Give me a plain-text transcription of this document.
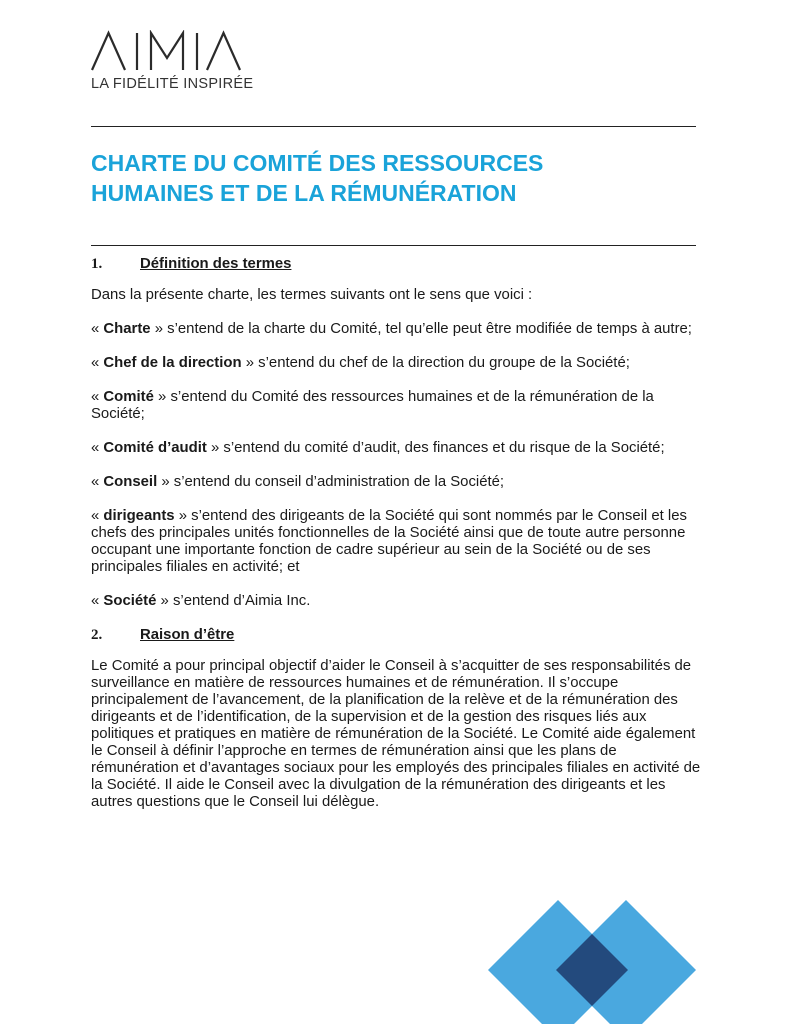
LA FIDÉLITÉ INSPIRÉE
CHARTE DU COMITÉ DES RESSOURCES
HUMAINES ET DE LA RÉMUNÉRATION
1.	Définition des termes

Dans la présente charte, les termes suivants ont le sens que voici :

« Charte » s’entend de la charte du Comité, tel qu’elle peut être modifiée de temps à autre;

« Chef de la direction » s’entend du chef de la direction du groupe de la Société;

« Comité » s’entend du Comité des ressources humaines et de la rémunération de la Société;

« Comité d’audit » s’entend du comité d’audit, des finances et du risque de la Société;

« Conseil » s’entend du conseil d’administration de la Société;

« dirigeants » s’entend des dirigeants de la Société qui sont nommés par le Conseil et les chefs des principales unités fonctionnelles de la Société ainsi que de toute autre personne occupant une importante fonction de cadre supérieur au sein de la Société ou de ses principales filiales en activité; et

« Société » s’entend d’Aimia Inc.

2.	Raison d’être

Le Comité a pour principal objectif d’aider le Conseil à s’acquitter de ses responsabilités de surveillance en matière de ressources humaines et de rémunération. Il s’occupe principalement de l’avancement, de la planification de la relève et de la rémunération des dirigeants et de l’identification, de la supervision et de la gestion des risques liés aux politiques et pratiques en matière de rémunération de la Société. Le Comité aide également le Conseil à définir l’approche en termes de rémunération ainsi que les plans de rémunération et d’avantages sociaux pour les employés des principales filiales en activité de la Société. Il aide le Conseil avec la divulgation de la rémunération des dirigeants et les autres questions que le Conseil lui délègue.
